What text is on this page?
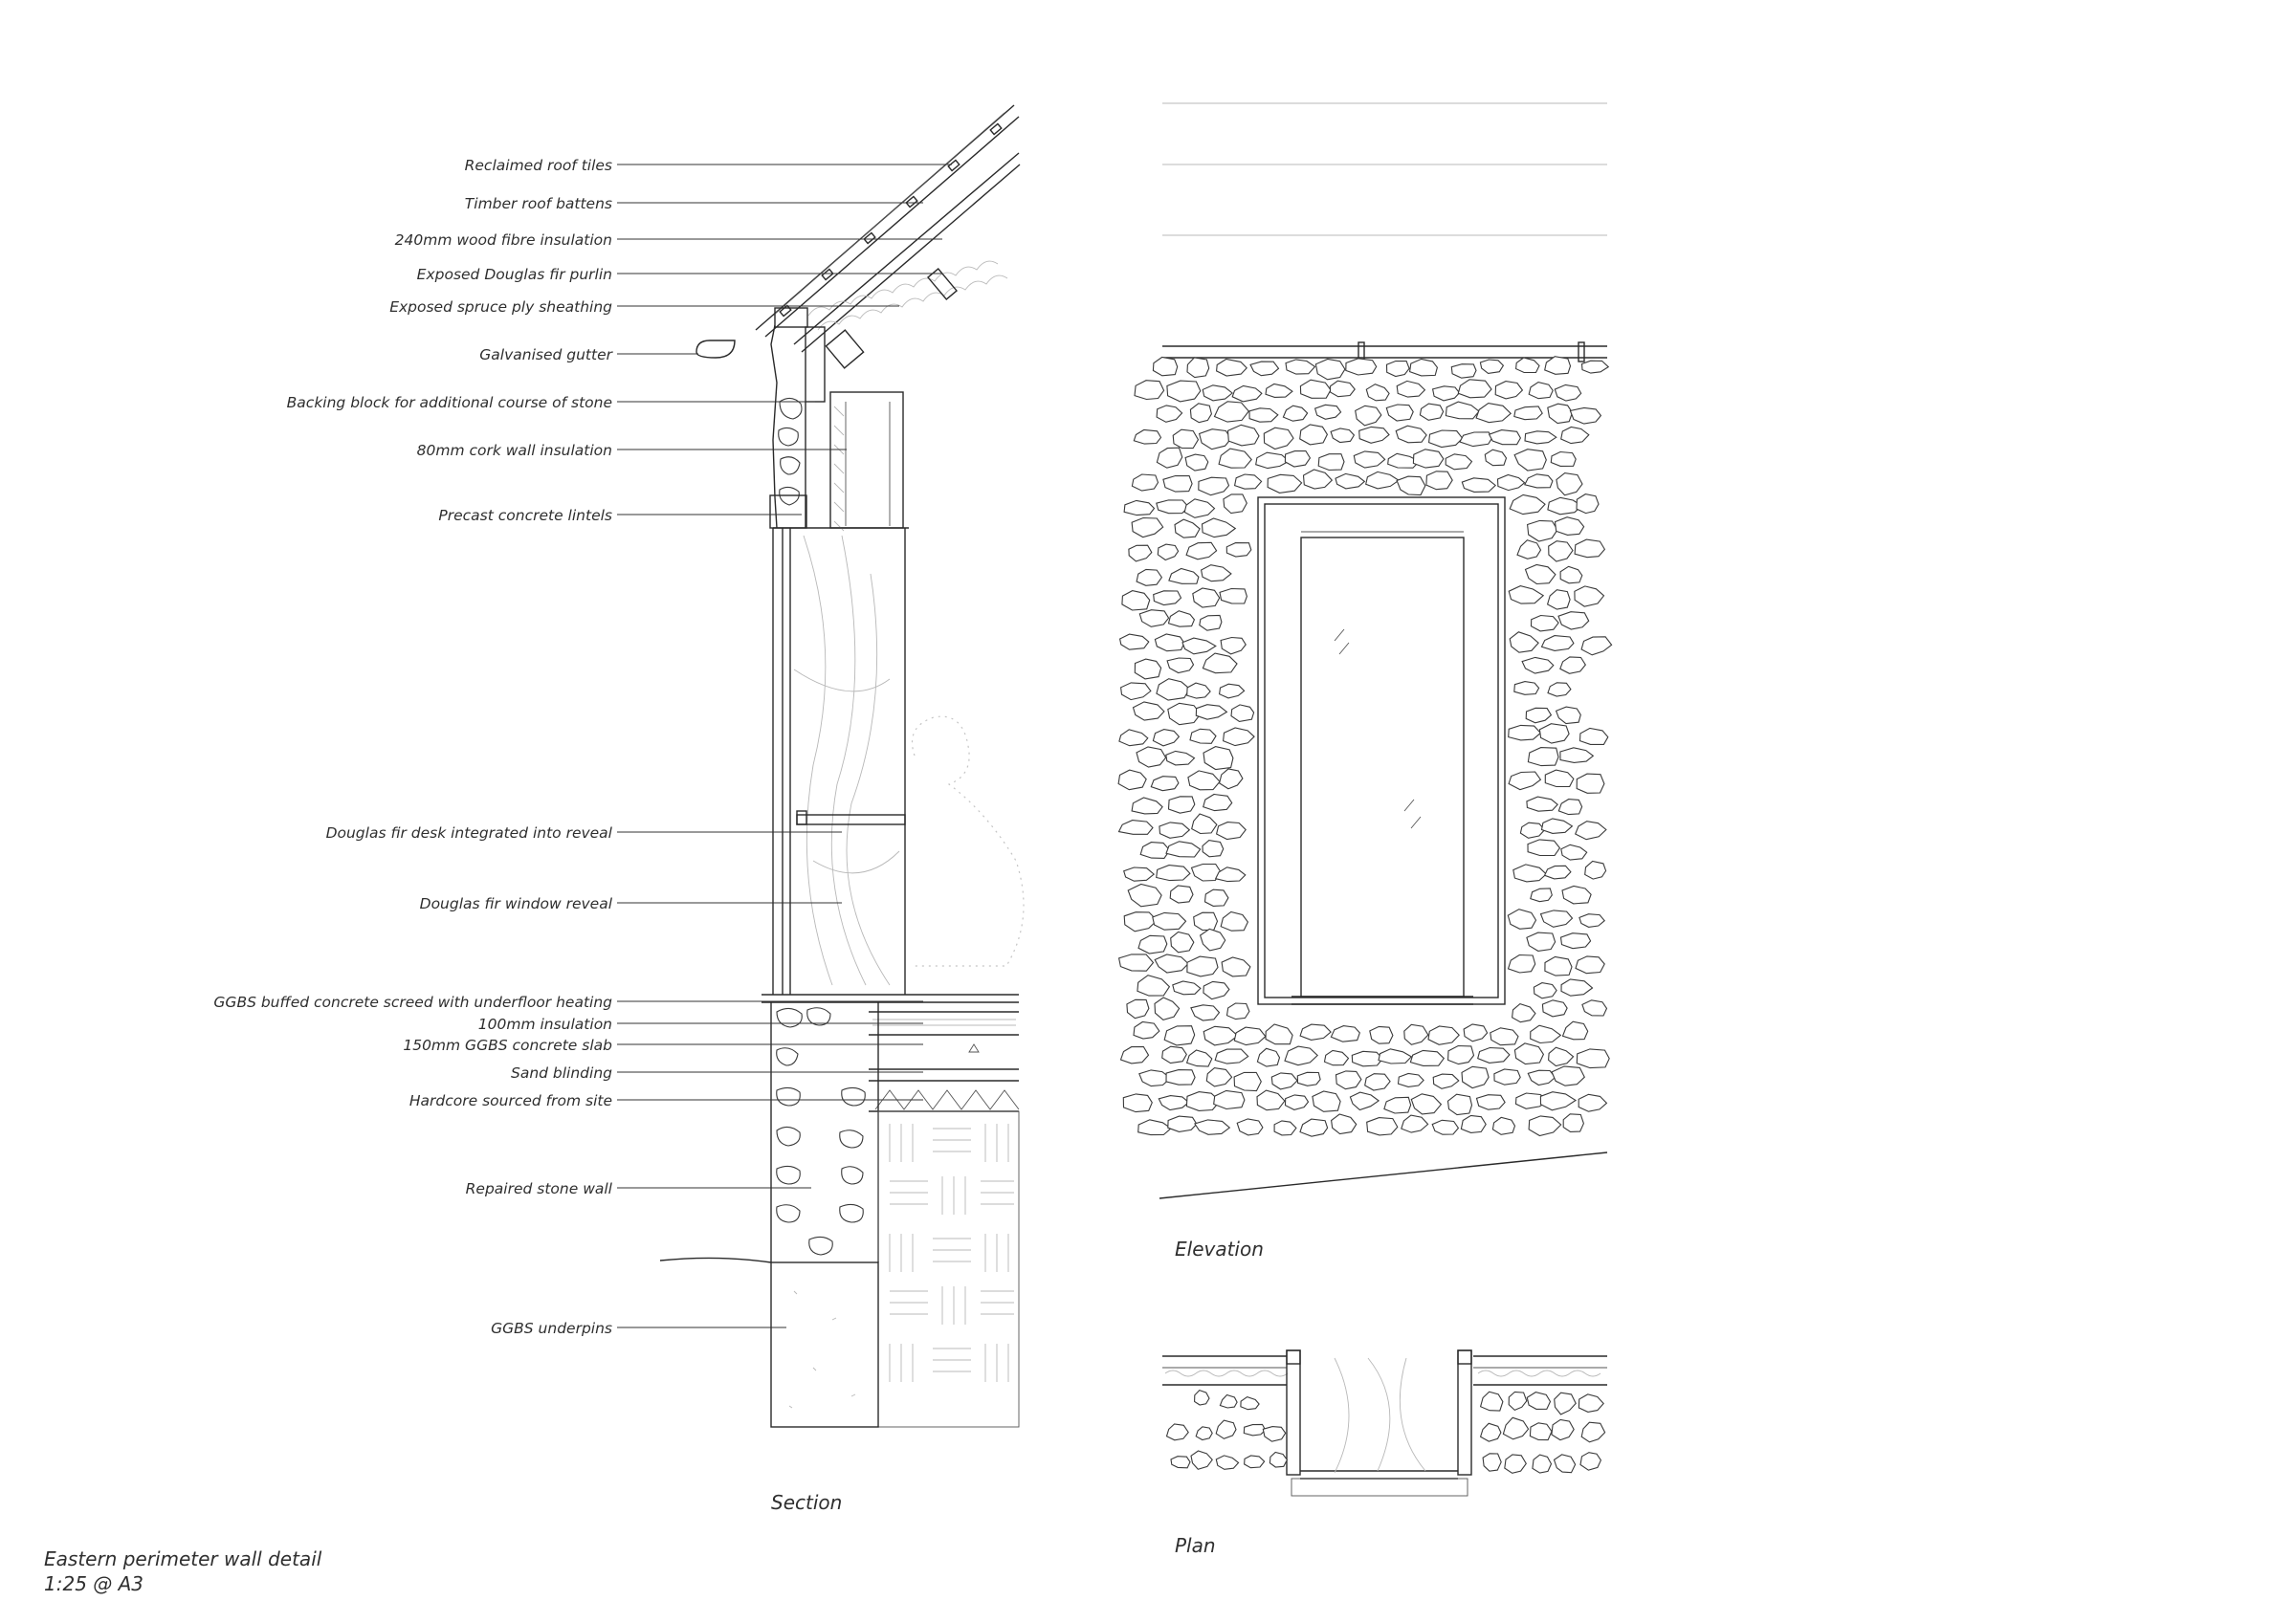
Reclaimed roof tiles
Timber roof battens
240mm wood fibre insulation
Exposed Douglas fir purlin
Exposed spruce ply sheathing
Galvanised gutter
Backing block for additional course of stone
80mm cork wall insulation
Precast concrete lintels
Douglas fir desk integrated into reveal
Douglas fir window reveal
GGBS buffed concrete screed with underfloor heating
100mm insulation
150mm GGBS concrete slab
Sand blinding
Hardcore sourced from site
Repaired stone wall
GGBS underpins
Section
Elevation
Plan
Eastern perimeter wall detail
1:25 @ A3
